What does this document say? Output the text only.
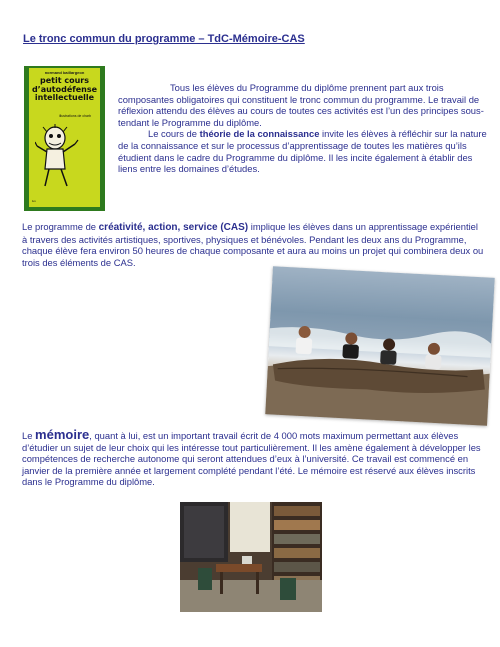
Le tronc commun du programme – TdC-Mémoire-CAS
normand baillargeon
petit cours
d’autodéfense
intellectuelle
illustrations de charb
lux

Tous les élèves du Programme du diplôme prennent part aux trois composantes obligatoires qui constituent le tronc commun du programme. Le travail de réflexion attendu des élèves au cours de toutes ces activités est l’un des principes sous-tendant le Programme du diplôme.

Le cours de théorie de la connaissance invite les élèves à réfléchir sur la nature de la connaissance et sur le processus d’apprentissage de toutes les matières qu’ils étudient dans le cadre du Programme du diplôme. Il les incite également à établir des liens entre les domaines d’études.

Le programme de créativité, action, service (CAS) implique les élèves dans un apprentissage expérientiel à travers des activités artistiques, sportives, physiques et bénévoles. Pendant les deux ans du Programme, chaque élève fera environ 50 heures de chaque composante et aura au moins un projet qui combinera deux ou trois des éléments de CAS.
Le mémoire, quant à lui, est un important travail écrit de 4 000 mots maximum permettant aux élèves d’étudier un sujet de leur choix qui les intéresse tout particulièrement. Il les amène également à développer les compétences de recherche autonome qui seront attendues d’eux à l’université. Ce travail est commencé en janvier de la première année et largement complété pendant l’été. Le mémoire est réservé aux élèves inscrits dans le Programme du diplôme.
